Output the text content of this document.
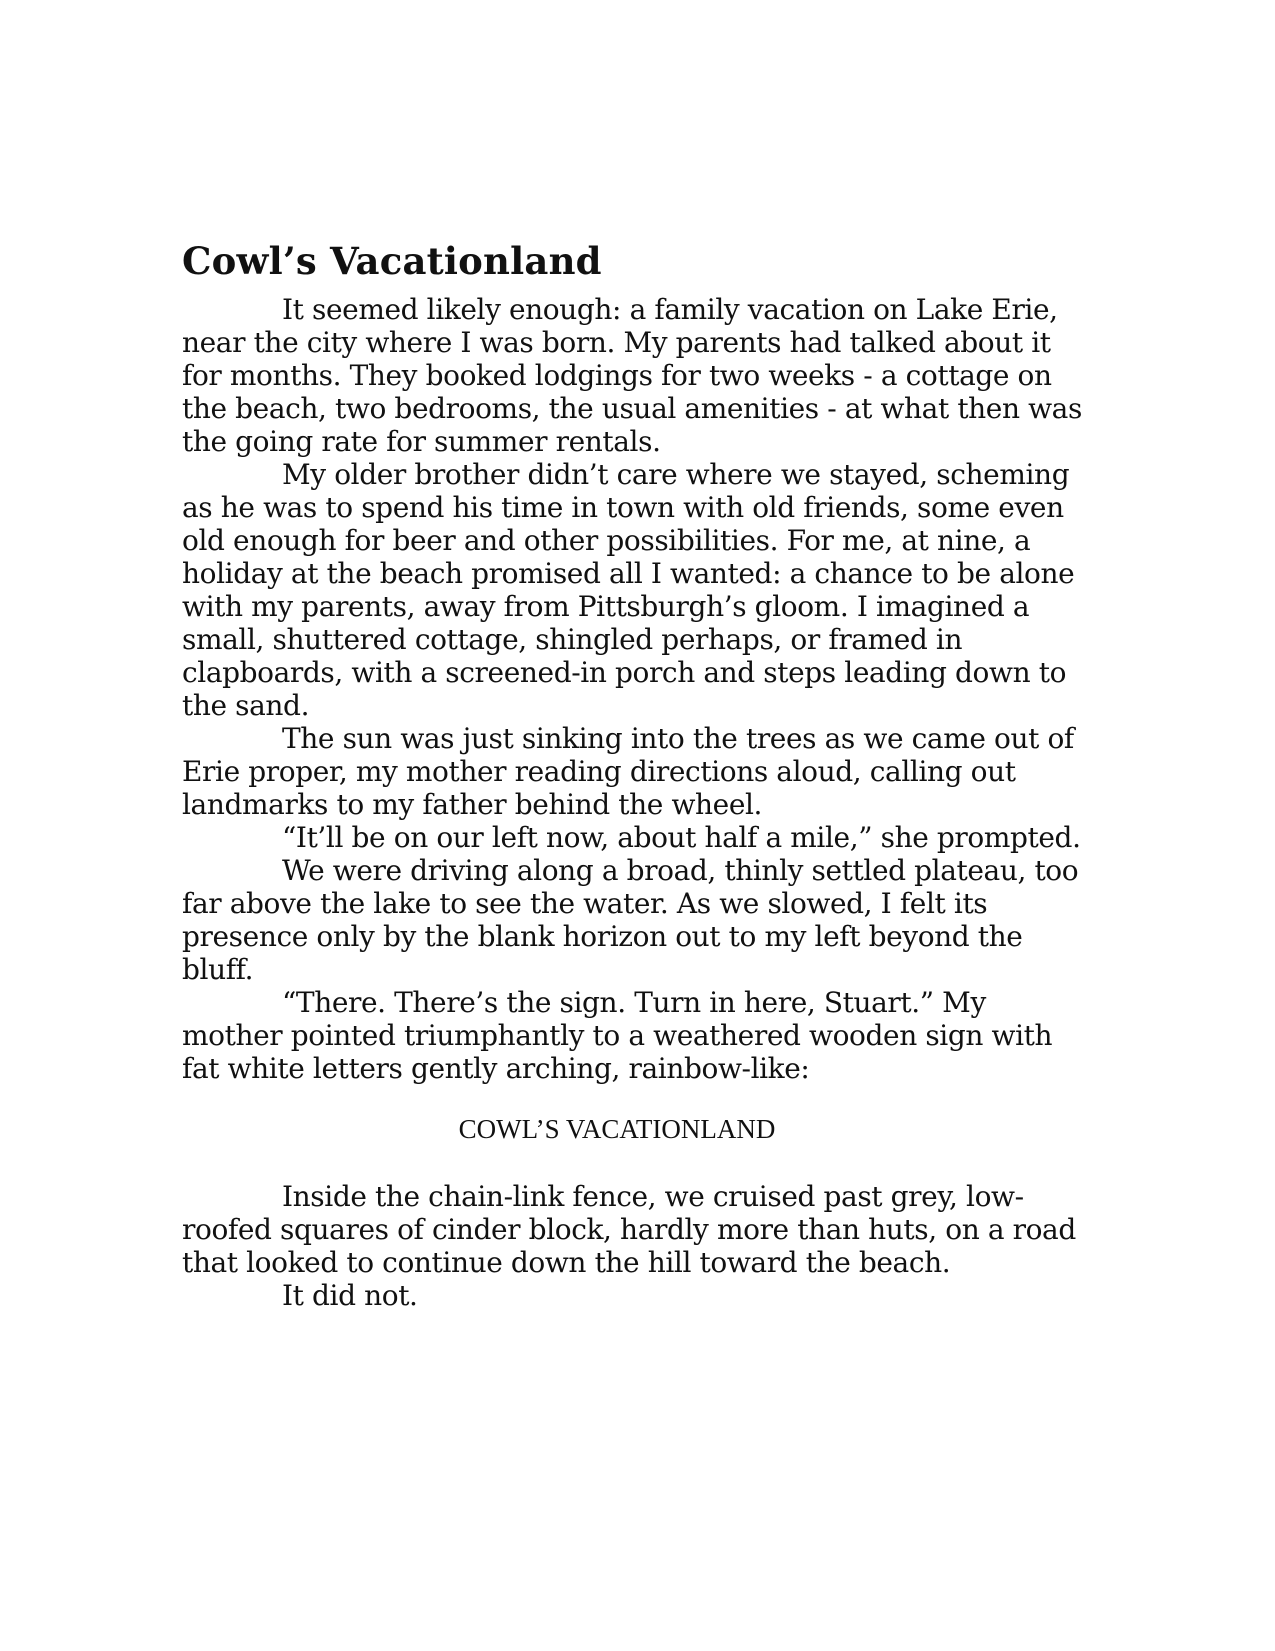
Cowl’s Vacationland

It seemed likely enough: a family vacation on Lake Erie, near the city where I was born. My parents had talked about it for months. They booked lodgings for two weeks - a cottage on the beach, two bedrooms, the usual amenities - at what then was the going rate for summer rentals.

My older brother didn’t care where we stayed, scheming as he was to spend his time in town with old friends, some even old enough for beer and other possibilities. For me, at nine, a holiday at the beach promised all I wanted: a chance to be alone with my parents, away from Pittsburgh’s gloom. I imagined a small, shuttered cottage, shingled perhaps, or framed in clapboards, with a screened-in porch and steps leading down to the sand.

The sun was just sinking into the trees as we came out of Erie proper, my mother reading directions aloud, calling out landmarks to my father behind the wheel.

“It’ll be on our left now, about half a mile,” she prompted.

We were driving along a broad, thinly settled plateau, too far above the lake to see the water. As we slowed, I felt its presence only by the blank horizon out to my left beyond the bluff.

“There. There’s the sign. Turn in here, Stuart.” My mother pointed triumphantly to a weathered wooden sign with fat white letters gently arching, rainbow-like:

COWL’S VACATIONLAND

Inside the chain-link fence, we cruised past grey, low-roofed squares of cinder block, hardly more than huts, on a road that looked to continue down the hill toward the beach.

It did not.
